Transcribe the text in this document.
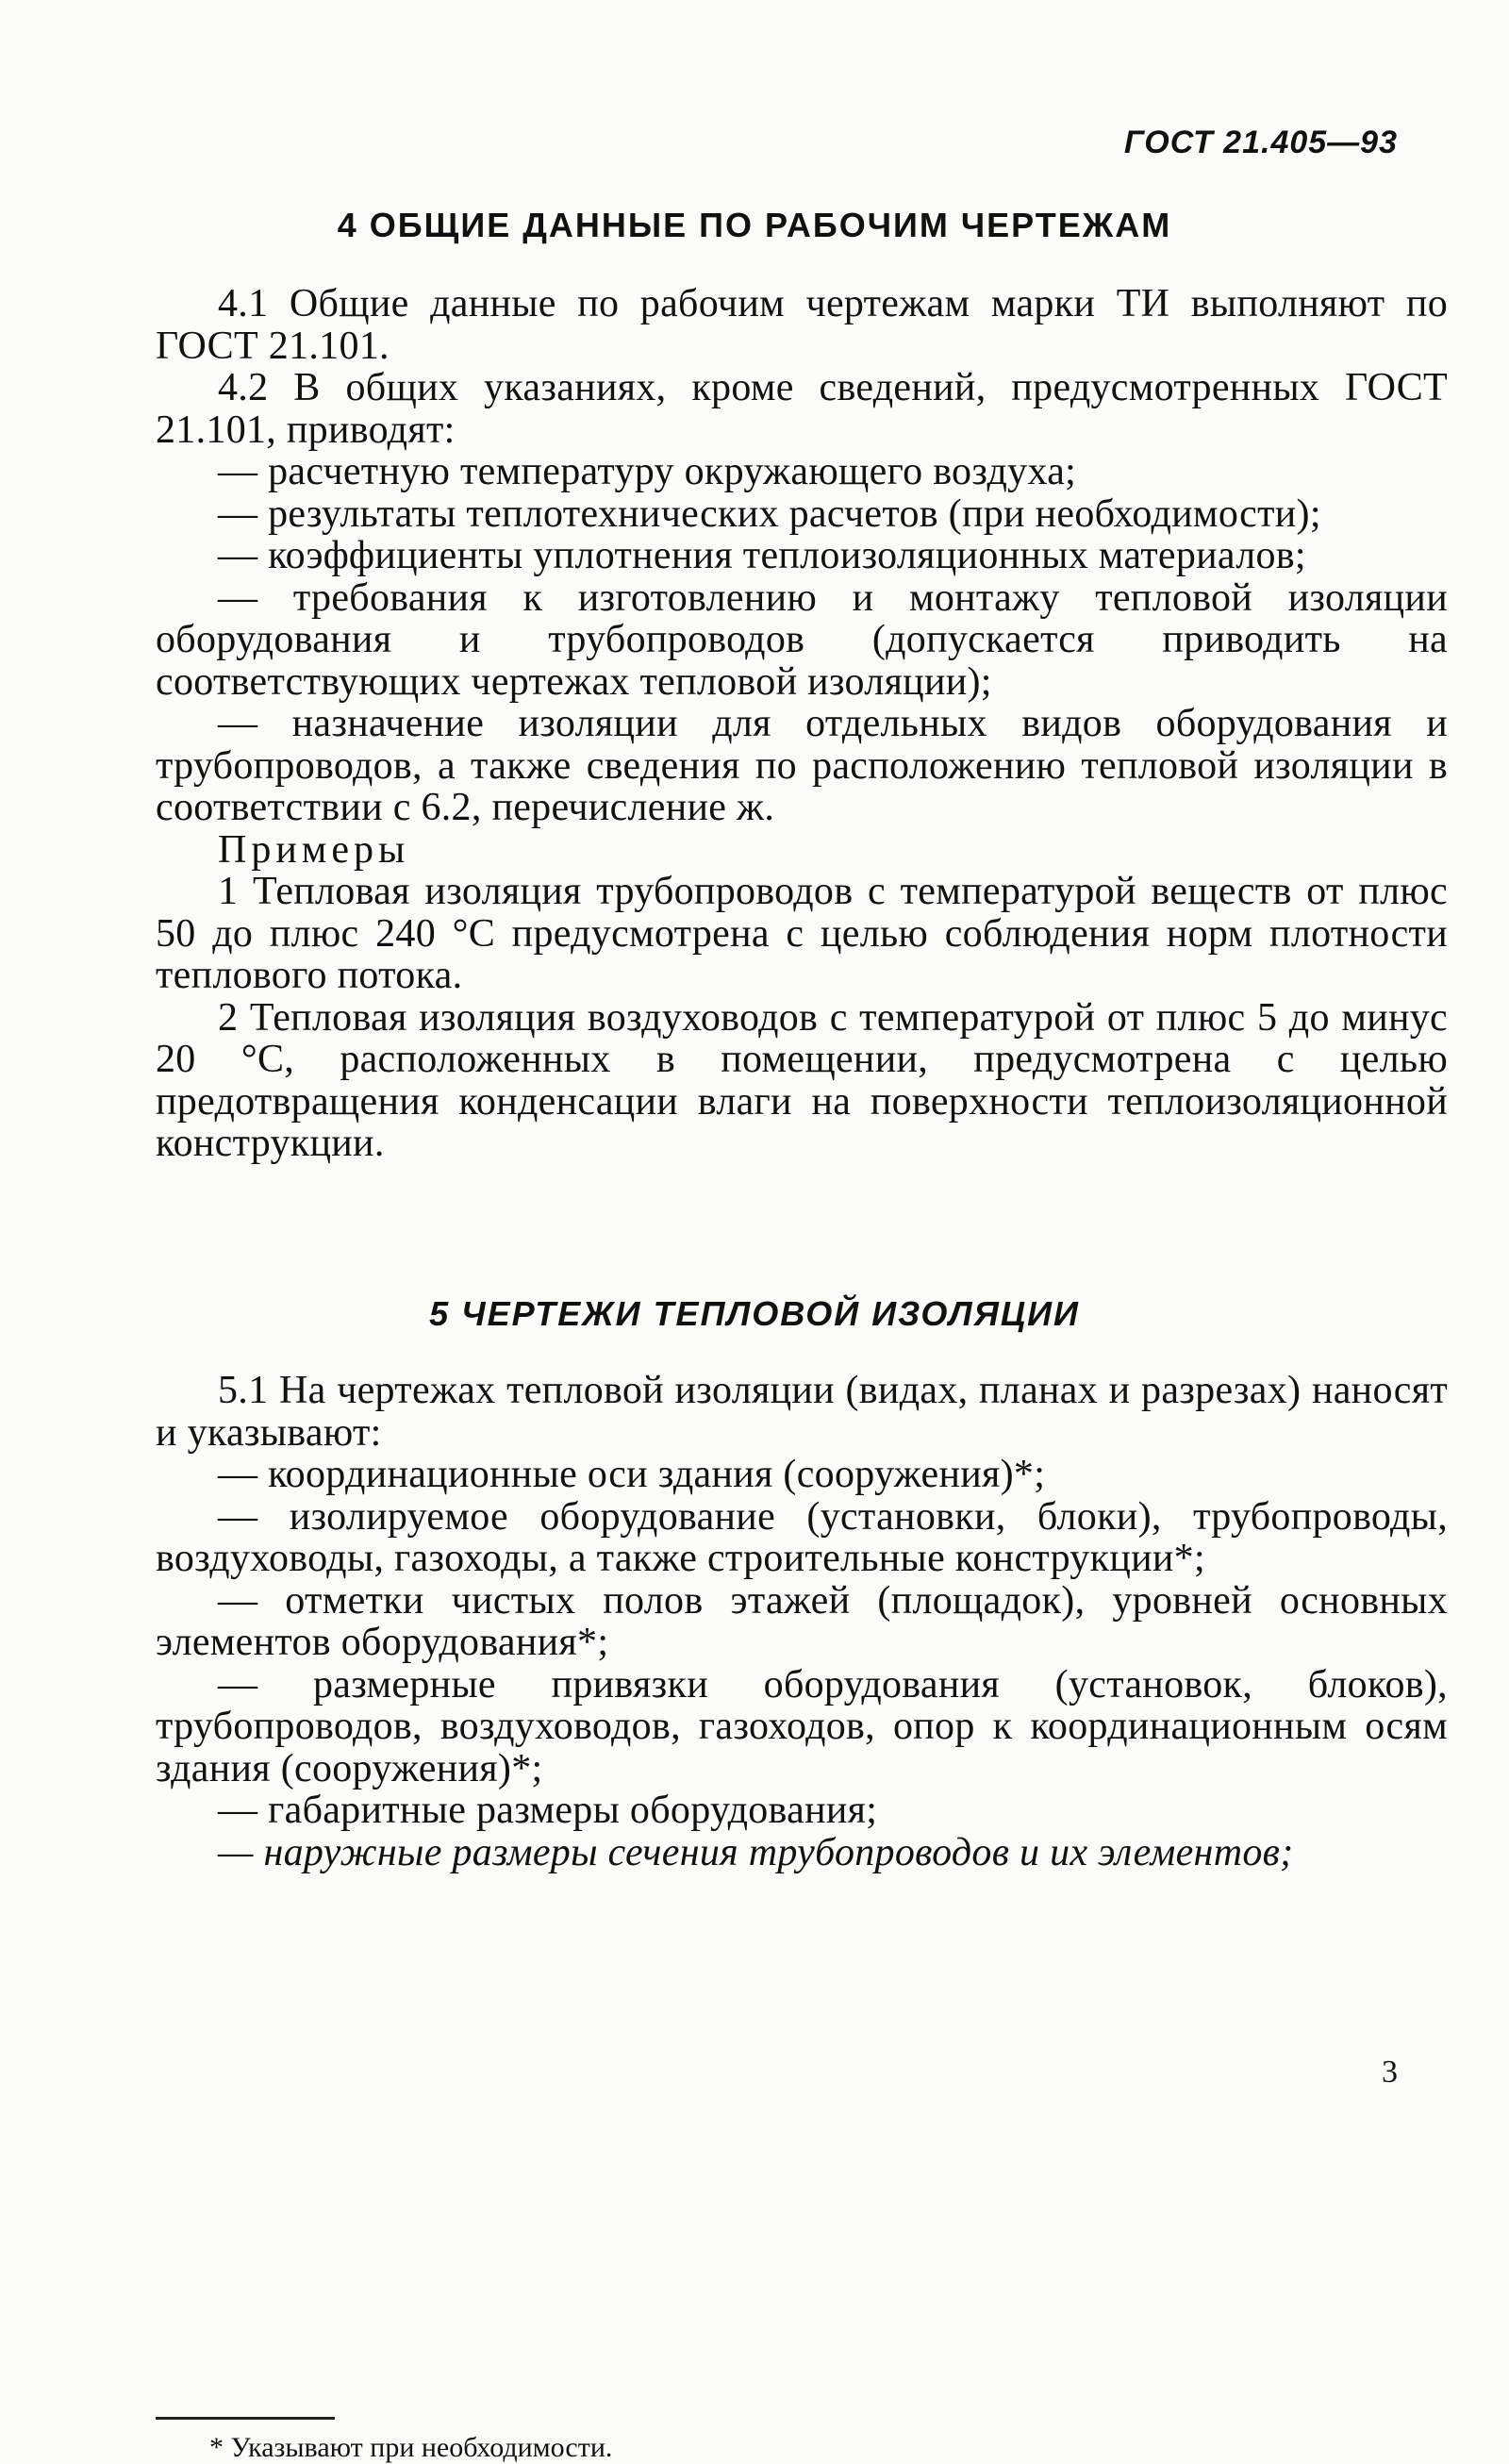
ГОСТ 21.405—93
4 ОБЩИЕ ДАННЫЕ ПО РАБОЧИМ ЧЕРТЕЖАМ

4.1 Общие данные по рабочим чертежам марки ТИ выполняют по ГОСТ 21.101.

4.2 В общих указаниях, кроме сведений, предусмотренных ГОСТ 21.101, приводят:

— расчетную температуру окружающего воздуха;

— результаты теплотехнических расчетов (при необходимости);

— коэффициенты уплотнения теплоизоляционных материалов;

— требования к изготовлению и монтажу тепловой изоляции оборудования и трубопроводов (допускается приводить на соответствующих чертежах тепловой изоляции);

— назначение изоляции для отдельных видов оборудования и трубопроводов, а также сведения по расположению тепловой изоляции в соответствии с 6.2, перечисление ж.

Примеры

1 Тепловая изоляция трубопроводов с температурой веществ от плюс 50 до плюс 240 °С предусмотрена с целью соблюдения норм плотности теплового потока.

2 Тепловая изоляция воздуховодов с температурой от плюс 5 до минус 20 °С, расположенных в помещении, предусмотрена с целью предотвращения конденсации влаги на поверхности теплоизоляционной конструкции.

5 ЧЕРТЕЖИ ТЕПЛОВОЙ ИЗОЛЯЦИИ

5.1 На чертежах тепловой изоляции (видах, планах и разрезах) наносят и указывают:

— координационные оси здания (сооружения)*;

— изолируемое оборудование (установки, блоки), трубопроводы, воздуховоды, газоходы, а также строительные конструкции*;

— отметки чистых полов этажей (площадок), уровней основных элементов оборудования*;

— размерные привязки оборудования (установок, блоков), трубопроводов, воздуховодов, газоходов, опор к координационным осям здания (сооружения)*;

— габаритные размеры оборудования;

— наружные размеры сечения трубопроводов и их элементов;

* Указывают при необходимости.
3
